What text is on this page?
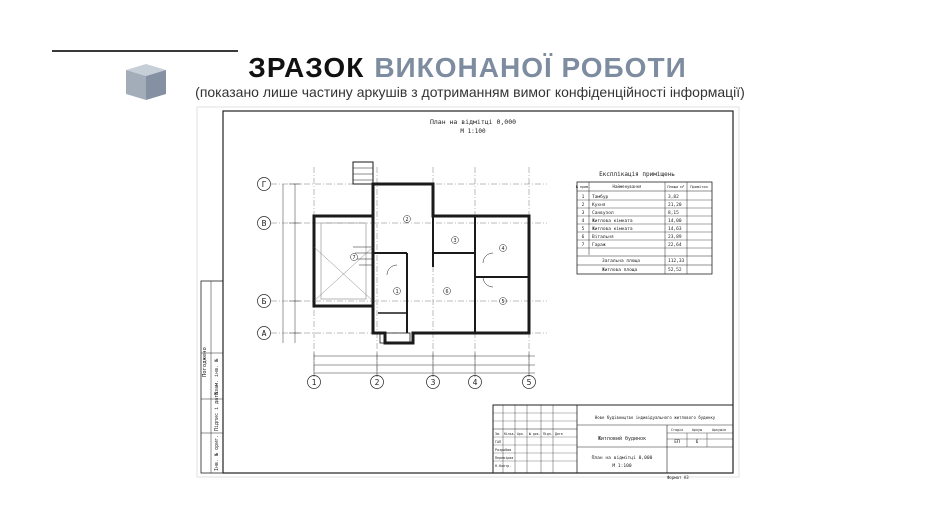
ЗРАЗОК ВИКОНАНОЇ РОБОТИ
(показано лише частину аркушів з дотриманням вимог конфіденційності інформації)
Погоджено
Інв. № ориг.
Підпис і дата
Взам. інв. №
План на відмітці 0,000
М 1:100
Г
В
Б
А
1	2	3	4	5
1
2
3
4
5
6
7
Експлікація приміщень
№ прим.	Найменування	Площа м² Примітки
1 Тамбур	3,82
2 Кухня	21,20
3 Санвузол	8,15
4 Житлова кімната	14,00
5 Житлова кімната	14,63
6 Вітальня	23,89
7 Гараж	22,64
Загальна площа	112,33
Житлова площа	52,52
Зм. Кільк. Арк. № док. Підп. Дата
ГАП
Розробив
Перевірив
Н.Контр.
Нове будівництво індивідуального житлового будинку
Житловий будинок
План на відмітці 0,000
М 1:100
Стадія	Аркуш	Аркушів
ЕП	6
Формат А3
